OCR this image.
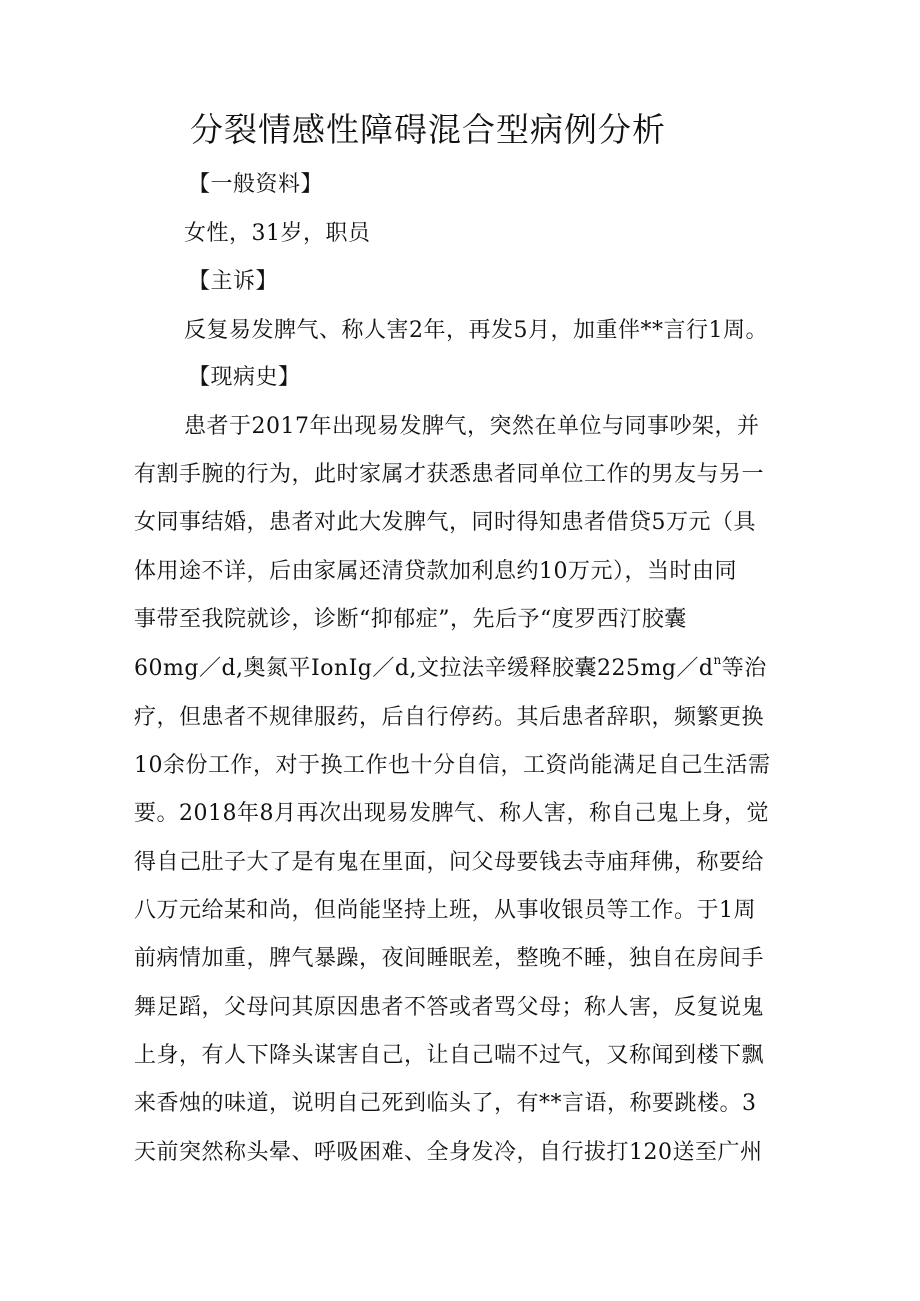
分裂情感性障碍混合型病例分析
【一般资料】
女性，31岁，职员
【主诉】
反复易发脾气、称人害2年，再发5月，加重伴**言行1周。
【现病史】
患者于2017年出现易发脾气，突然在单位与同事吵架，并
有割手腕的行为，此时家属才获悉患者同单位工作的男友与另一
女同事结婚，患者对此大发脾气，同时得知患者借贷5万元（具
体用途不详，后由家属还清贷款加利息约10万元），当时由同
事带至我院就诊，诊断“抑郁症”，先后予“度罗西汀胶囊
60mg／d,奥氮平IonIg／d,文拉法辛缓释胶囊$225mg/d^n$等治
疗，但患者不规律服药，后自行停药。其后患者辞职，频繁更换
10余份工作，对于换工作也十分自信，工资尚能满足自己生活需
要。2018年8月再次出现易发脾气、称人害，称自己鬼上身，觉
得自己肚子大了是有鬼在里面，问父母要钱去寺庙拜佛，称要给
八万元给某和尚，但尚能坚持上班，从事收银员等工作。于1周
前病情加重，脾气暴躁，夜间睡眠差，整晚不睡，独自在房间手
舞足蹈，父母问其原因患者不答或者骂父母；称人害，反复说鬼
上身，有人下降头谋害自己，让自己喘不过气，又称闻到楼下飘
来香烛的味道，说明自己死到临头了，有**言语，称要跳楼。3
天前突然称头晕、呼吸困难、全身发冷，自行拔打120送至广州
